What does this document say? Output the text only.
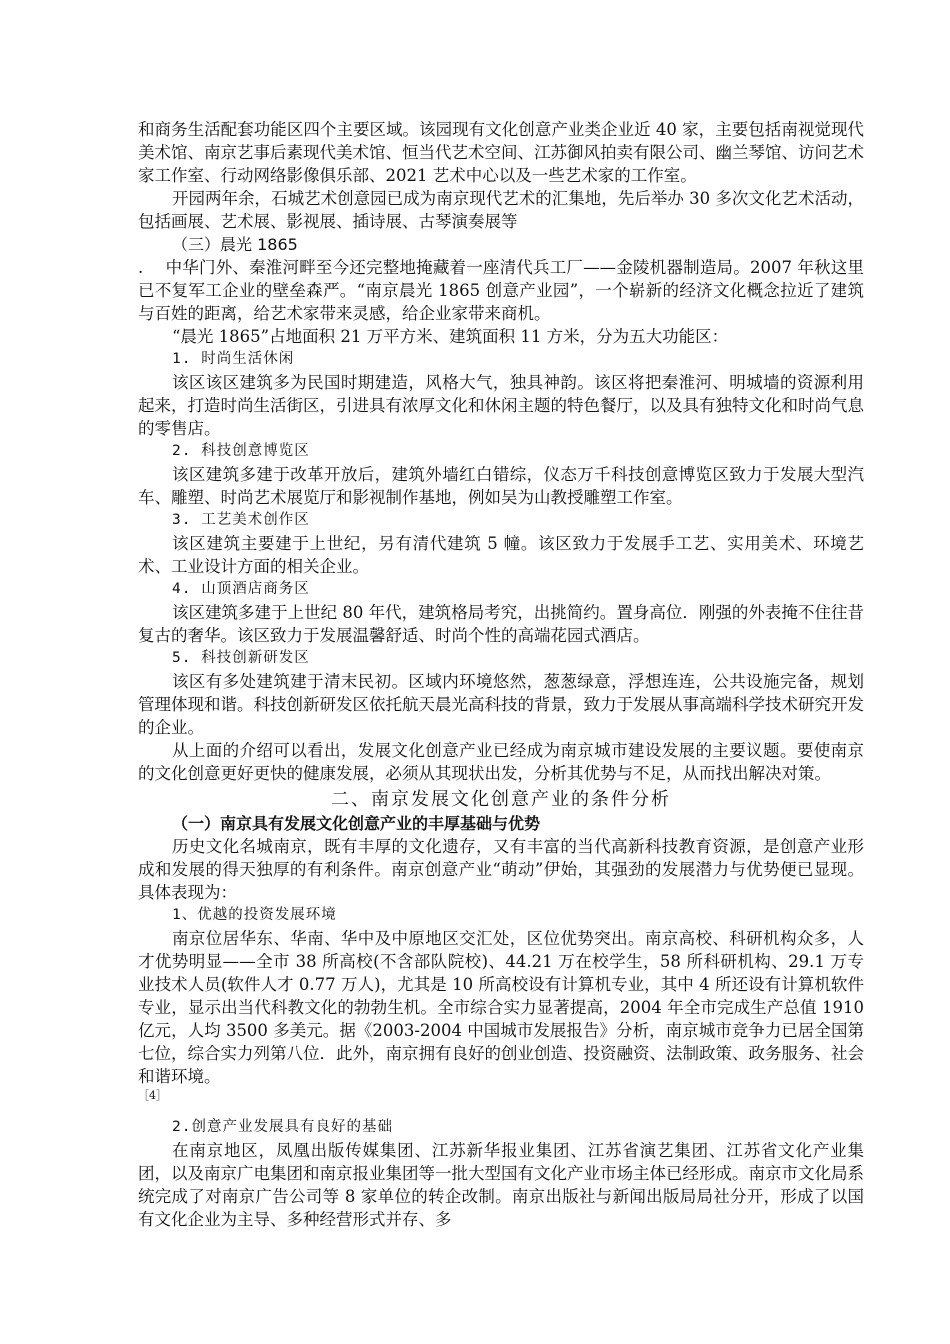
和商务生活配套功能区四个主要区域。该园现有文化创意产业类企业近 40 家，主要包括南视觉现代美术馆、南京艺事后素现代美术馆、恒当代艺术空间、江苏御风拍卖有限公司、幽兰琴馆、访问艺术家工作室、行动网络影像俱乐部、2021 艺术中心以及一些艺术家的工作室。

开园两年余，石城艺术创意园已成为南京现代艺术的汇集地，先后举办 30 多次文化艺术活动，包括画展、艺术展、影视展、插诗展、古琴演奏展等

（三）晨光 1865

.　 中华门外、秦淮河畔至今还完整地掩藏着一座清代兵工厂——金陵机器制造局。2007 年秋这里已不复军工企业的壁垒森严。“南京晨光 1865 创意产业园”，一个崭新的经济文化概念拉近了建筑与百姓的距离，给艺术家带来灵感，给企业家带来商机。

“晨光 1865”占地面积 21 万平方米、建筑面积 11 方米，分为五大功能区：

1. 时尚生活休闲

该区该区建筑多为民国时期建造，风格大气，独具神韵。该区将把秦淮河、明城墙的资源利用起来，打造时尚生活街区，引进具有浓厚文化和休闲主题的特色餐厅，以及具有独特文化和时尚气息的零售店。

2. 科技创意博览区

该区建筑多建于改革开放后，建筑外墙红白错综，仪态万千科技创意博览区致力于发展大型汽车、雕塑、时尚艺术展览厅和影视制作基地，例如吴为山教授雕塑工作室。

3. 工艺美术创作区

该区建筑主要建于上世纪，另有清代建筑 5 幢。该区致力于发展手工艺、实用美术、环境艺术、工业设计方面的相关企业。

4. 山顶酒店商务区

该区建筑多建于上世纪 80 年代，建筑格局考究，出挑简约。置身高位．刚强的外表掩不住往昔复古的奢华。该区致力于发展温馨舒适、时尚个性的高端花园式酒店。

5. 科技创新研发区

该区有多处建筑建于清末民初。区域内环境悠然，葱葱绿意，浮想连连，公共设施完备，规划管理体现和谐。科技创新研发区依托航天晨光高科技的背景，致力于发展从事高端科学技术研究开发的企业。

从上面的介绍可以看出，发展文化创意产业已经成为南京城市建设发展的主要议题。要使南京的文化创意更好更快的健康发展，必须从其现状出发，分析其优势与不足，从而找出解决对策。

二、南京发展文化创意产业的条件分析

（一）南京具有发展文化创意产业的丰厚基础与优势

历史文化名城南京，既有丰厚的文化遗存，又有丰富的当代高新科技教育资源，是创意产业形成和发展的得天独厚的有利条件。南京创意产业“萌动”伊始，其强劲的发展潜力与优势便已显现。具体表现为：

1、优越的投资发展环境

南京位居华东、华南、华中及中原地区交汇处，区位优势突出。南京高校、科研机构众多，人才优势明显——全市 38 所高校(不含部队院校)、44.21 万在校学生，58 所科研机构、29.1 万专业技术人员(软件人才 0.77 万人)，尤其是 10 所高校设有计算机专业，其中 4 所还设有计算机软件专业，显示出当代科教文化的勃勃生机。全市综合实力显著提高，2004 年全市完成生产总值 1910 亿元，人均 3500 多美元。据《2003-2004 中国城市发展报告》分析，南京城市竞争力已居全国第七位，综合实力列第八位．此外，南京拥有良好的创业创造、投资融资、法制政策、政务服务、社会和谐环境。

［4］

2.创意产业发展具有良好的基础

在南京地区，凤凰出版传媒集团、江苏新华报业集团、江苏省演艺集团、江苏省文化产业集团，以及南京广电集团和南京报业集团等一批大型国有文化产业市场主体已经形成。南京市文化局系统完成了对南京广告公司等 8 家单位的转企改制。南京出版社与新闻出版局局社分开，形成了以国有文化企业为主导、多种经营形式并存、多
